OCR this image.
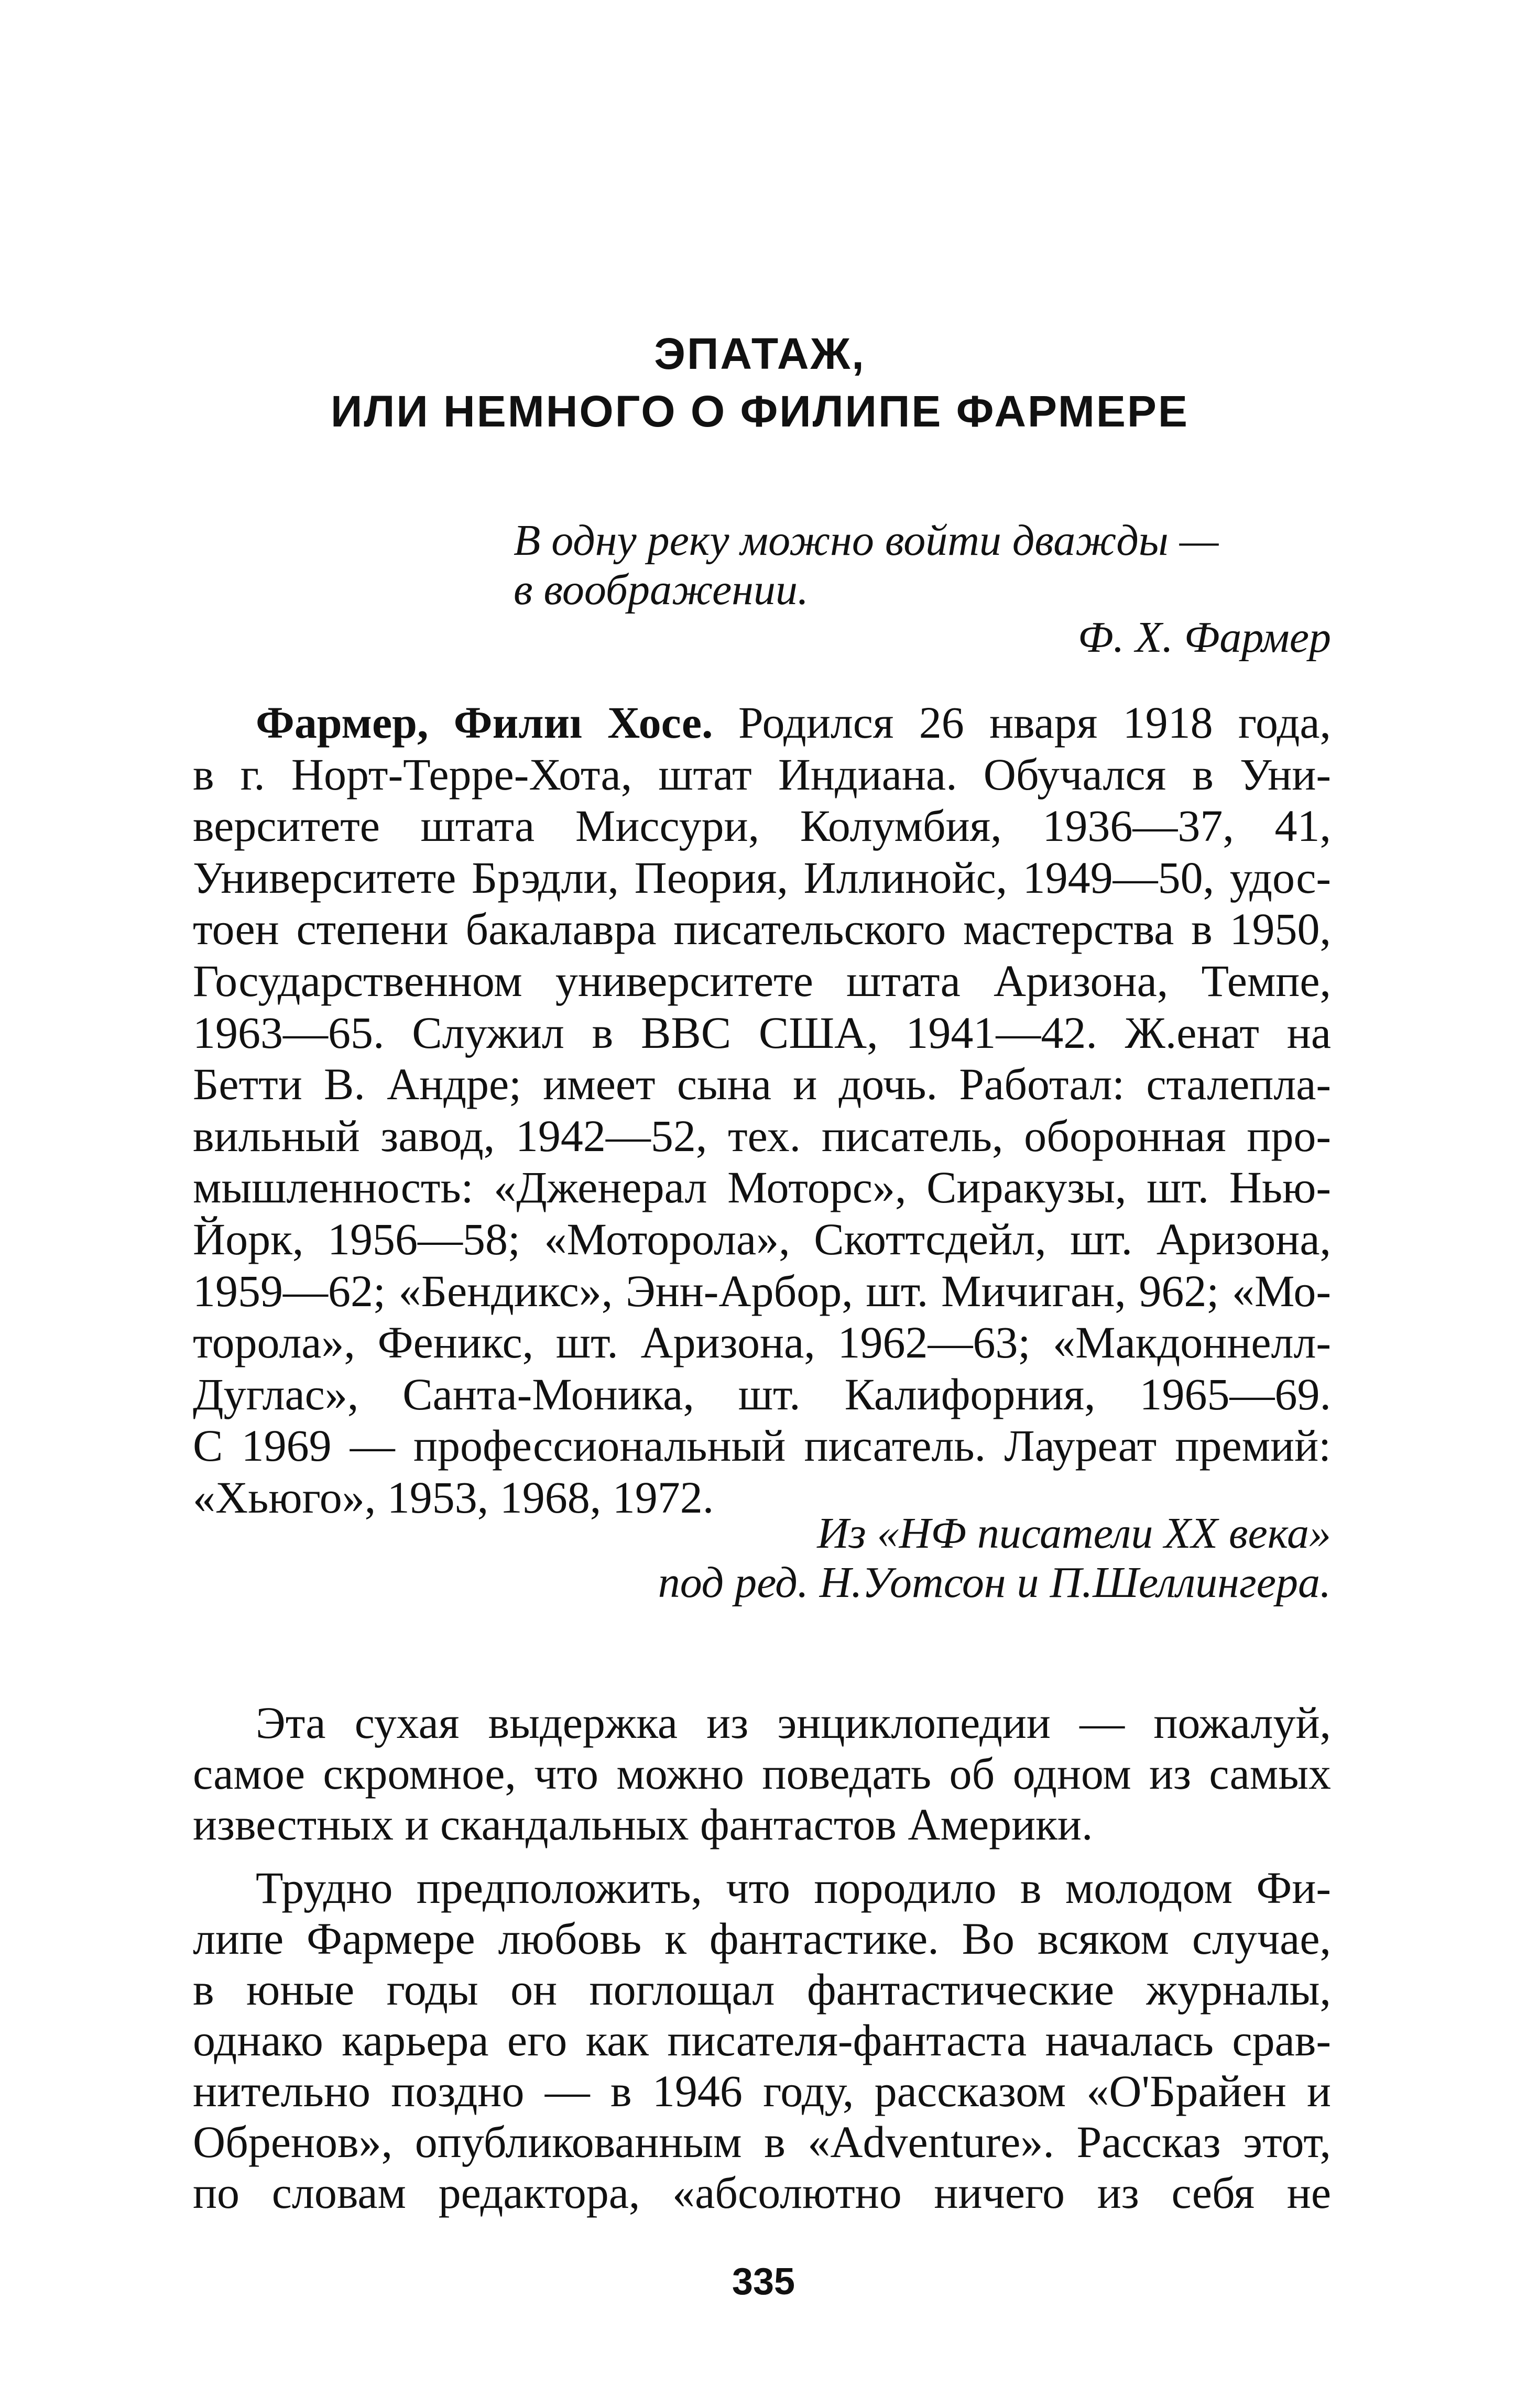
ЭПАТАЖ,
ИЛИ НЕМНОГО О ФИЛИПЕ ФАРМЕРЕ
В одну реку можно войти дважды —
в воображении.
Ф. Х. Фармер
Фармер, Филиı Хосе. Родился 26 нваря 1918 года,
в г. Норт-Терре-Хота, штат Индиана. Обучался в Уни-
верситете штата Миссури, Колумбия, 1936—37, 41,
Университете Брэдли, Пеория, Иллинойс, 1949—50, удос-
тоен степени бакалавра писательского мастерства в 1950,
Государственном университете штата Аризона, Темпе,
1963—65. Служил в ВВС США, 1941—42. Ж.енат на
Бетти В. Андре; имеет сына и дочь. Работал: сталепла-
вильный завод, 1942—52, тех. писатель, оборонная про-
мышленность: «Дженерал Моторс», Сиракузы, шт. Нью-
Йорк, 1956—58; «Моторола», Скоттсдейл, шт. Аризона,
1959—62; «Бендикс», Энн-Арбор, шт. Мичиган, 962; «Мо-
торола», Феникс, шт. Аризона, 1962—63; «Макдоннелл-
Дуглас», Санта-Моника, шт. Калифорния, 1965—69.
С 1969 — профессиональный писатель. Лауреат премий:
«Хьюго», 1953, 1968, 1972.
Из «НФ писатели XX века»
под ред. Н.Уотсон и П.Шеллингера.
Эта сухая выдержка из энциклопедии — пожалуй,
самое скромное, что можно поведать об одном из самых
известных и скандальных фантастов Америки.
Трудно предположить, что породило в молодом Фи-
липе Фармере любовь к фантастике. Во всяком случае,
в юные годы он поглощал фантастические журналы,
однако карьера его как писателя-фантаста началась срав-
нительно поздно — в 1946 году, рассказом «О'Брайен и
Обренов», опубликованным в «Adventure». Рассказ этот,
по словам редактора, «абсолютно ничего из себя не
335
